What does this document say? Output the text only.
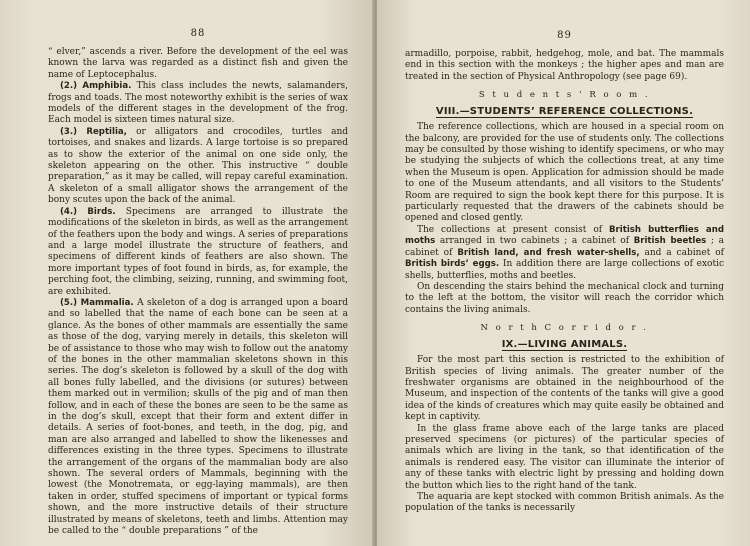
88

“ elver,” ascends a river. Before the development of the eel was known the larva was regarded as a distinct fish and given the name of Leptocephalus.

(2.) Amphibia. This class includes the newts, salamanders, frogs and toads. The most noteworthy exhibit is the series of wax models of the different stages in the development of the frog. Each model is sixteen times natural size.

(3.) Reptilia, or alligators and crocodiles, turtles and tortoises, and snakes and lizards. A large tortoise is so prepared as to show the exterior of the animal on one side only, the skeleton appearing on the other. This instructive “ double preparation,” as it may be called, will repay careful examination. A skeleton of a small alligator shows the arrangement of the bony scutes upon the back of the animal.

(4.) Birds. Specimens are arranged to illustrate the modifications of the skeleton in birds, as well as the arrangement of the feathers upon the body and wings. A series of preparations and a large model illustrate the structure of feathers, and specimens of different kinds of feathers are also shown. The more important types of foot found in birds, as, for example, the perching foot, the climbing, seizing, running, and swimming foot, are exhibited.

(5.) Mammalia. A skeleton of a dog is arranged upon a board and so labelled that the name of each bone can be seen at a glance. As the bones of other mammals are essentially the same as those of the dog, varying merely in details, this skeleton will be of assistance to those who may wish to follow out the anatomy of the bones in the other mammalian skeletons shown in this series. The dog’s skeleton is followed by a skull of the dog with all bones fully labelled, and the divisions (or sutures) between them marked out in vermilion; skulls of the pig and of man then follow, and in each of these the bones are seen to be the same as in the dog’s skull, except that their form and extent differ in details. A series of foot-bones, and teeth, in the dog, pig, and man are also arranged and labelled to show the likenesses and differences existing in the three types. Specimens to illustrate the arrangement of the organs of the mammalian body are also shown. The several orders of Mammals, beginning with the lowest (the Monotremata, or egg-laying mammals), are then taken in order, stuffed specimens of important or typical forms shown, and the more instructive details of their structure illustrated by means of skeletons, teeth and limbs. Attention may be called to the “ double preparations ” of the

89

armadillo, porpoise, rabbit, hedgehog, mole, and bat. The mammals end in this section with the monkeys ; the higher apes and man are treated in the section of Physical Anthropology (see page 69).

S t u d e n t s ’ R o o m .
VIII.—STUDENTS’ REFERENCE COLLECTIONS.

The reference collections, which are housed in a special room on the balcony, are provided for the use of students only. The collections may be consulted by those wishing to identify specimens, or who may be studying the subjects of which the collections treat, at any time when the Museum is open. Application for admission should be made to one of the Museum attendants, and all visitors to the Students’ Room are required to sign the book kept there for this purpose. It is particularly requested that the drawers of the cabinets should be opened and closed gently.

The collections at present consist of British butterflies and moths arranged in two cabinets ; a cabinet of British beetles ; a cabinet of British land, and fresh water-shells, and a cabinet of British birds’ eggs. In addition there are large collections of exotic shells, butterflies, moths and beetles.

On descending the stairs behind the mechanical clock and turning to the left at the bottom, the visitor will reach the corridor which contains the living animals.

N o r t h C o r r i d o r .
IX.—LIVING ANIMALS.

For the most part this section is restricted to the exhibition of British species of living animals. The greater number of the freshwater organisms are obtained in the neighbourhood of the Museum, and inspection of the contents of the tanks will give a good idea of the kinds of creatures which may quite easily be obtained and kept in captivity.

In the glass frame above each of the large tanks are placed preserved specimens (or pictures) of the particular species of animals which are living in the tank, so that identification of the animals is rendered easy. The visitor can illuminate the interior of any of these tanks with electric light by pressing and holding down the button which lies to the right hand of the tank.

The aquaria are kept stocked with common British animals. As the population of the tanks is necessarily
